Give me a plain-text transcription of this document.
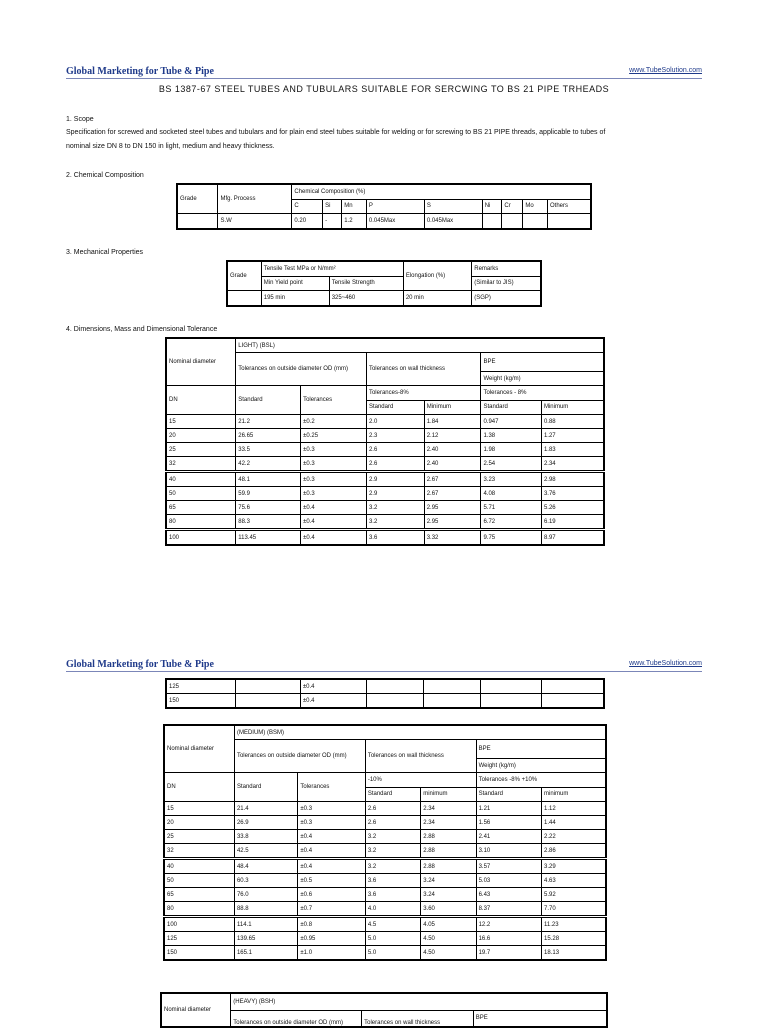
Global Marketing for Tube & Pipe	www.TubeSolution.com
BS 1387-67 STEEL TUBES AND TUBULARS SUITABLE FOR SERCWING TO BS 21 PIPE TRHEADS
1. Scope
Specification for screwed and socketed steel tubes and tubulars and for plain end steel tubes suitable for welding or for screwing to BS 21 PIPE threads, applicable to tubes of
nominal size DN 8 to DN 150 in light, medium and heavy thickness.
2. Chemical Composition
Grade	Mfg. Process	Chemical Composition (%)								
		C	Si	Mn	P	S	Ni	Cr	Mo	Others
	S.W	0.20	-	1.2	0.045Max	0.045Max				
3. Mechanical Properties
Grade	Tensile Test MPa or N/mm²		Elongation (%)	Remarks
	Min Yield point	Tensile Strength		(Similar to JIS)
	195 min	325~460	20 min	(SGP)
4. Dimensions, Mass and Dimensional Tolerance
Nominal diameter	LIGHT) (BSL)					
	Tolerances on outside diameter OD (mm)		Tolerances on wall thickness		BPE	
					Weight (kg/m)	
DN	Standard	Tolerances	Tolerances-8%		Tolerances - 8%	
			Standard	Minimum	Standard	Minimum
15	21.2	±0.2	2.0	1.84	0.947	0.88
20	26.65	±0.25	2.3	2.12	1.38	1.27
25	33.5	±0.3	2.6	2.40	1.98	1.83
32	42.2	±0.3	2.6	2.40	2.54	2.34
40	48.1	±0.3	2.9	2.67	3.23	2.98
50	59.9	±0.3	2.9	2.67	4.08	3.76
65	75.6	±0.4	3.2	2.95	5.71	5.26
80	88.3	±0.4	3.2	2.95	6.72	6.19
100	113.45	±0.4	3.6	3.32	9.75	8.97
Global Marketing for Tube & Pipe	www.TubeSolution.com
125		±0.4				
150		±0.4				
Nominal diameter	(MEDIUM) (BSM)					
	Tolerances on outside diameter OD (mm)		Tolerances on wall thickness		BPE	
					Weight (kg/m)	
DN	Standard	Tolerances	-10%		Tolerances -8% +10%	
			Standard	minimum	Standard	minimum
15	21.4	±0.3	2.6	2.34	1.21	1.12
20	26.9	±0.3	2.6	2.34	1.56	1.44
25	33.8	±0.4	3.2	2.88	2.41	2.22
32	42.5	±0.4	3.2	2.88	3.10	2.86
40	48.4	±0.4	3.2	2.88	3.57	3.29
50	60.3	±0.5	3.6	3.24	5.03	4.63
65	76.0	±0.6	3.6	3.24	6.43	5.92
80	88.8	±0.7	4.0	3.60	8.37	7.70
100	114.1	±0.8	4.5	4.05	12.2	11.23
125	139.65	±0.95	5.0	4.50	16.6	15.28
150	165.1	±1.0	5.0	4.50	19.7	18.13
Nominal diameter	(HEAVY) (BSH)		
	Tolerances on outside diameter OD (mm)	Tolerances on wall thickness	BPE
